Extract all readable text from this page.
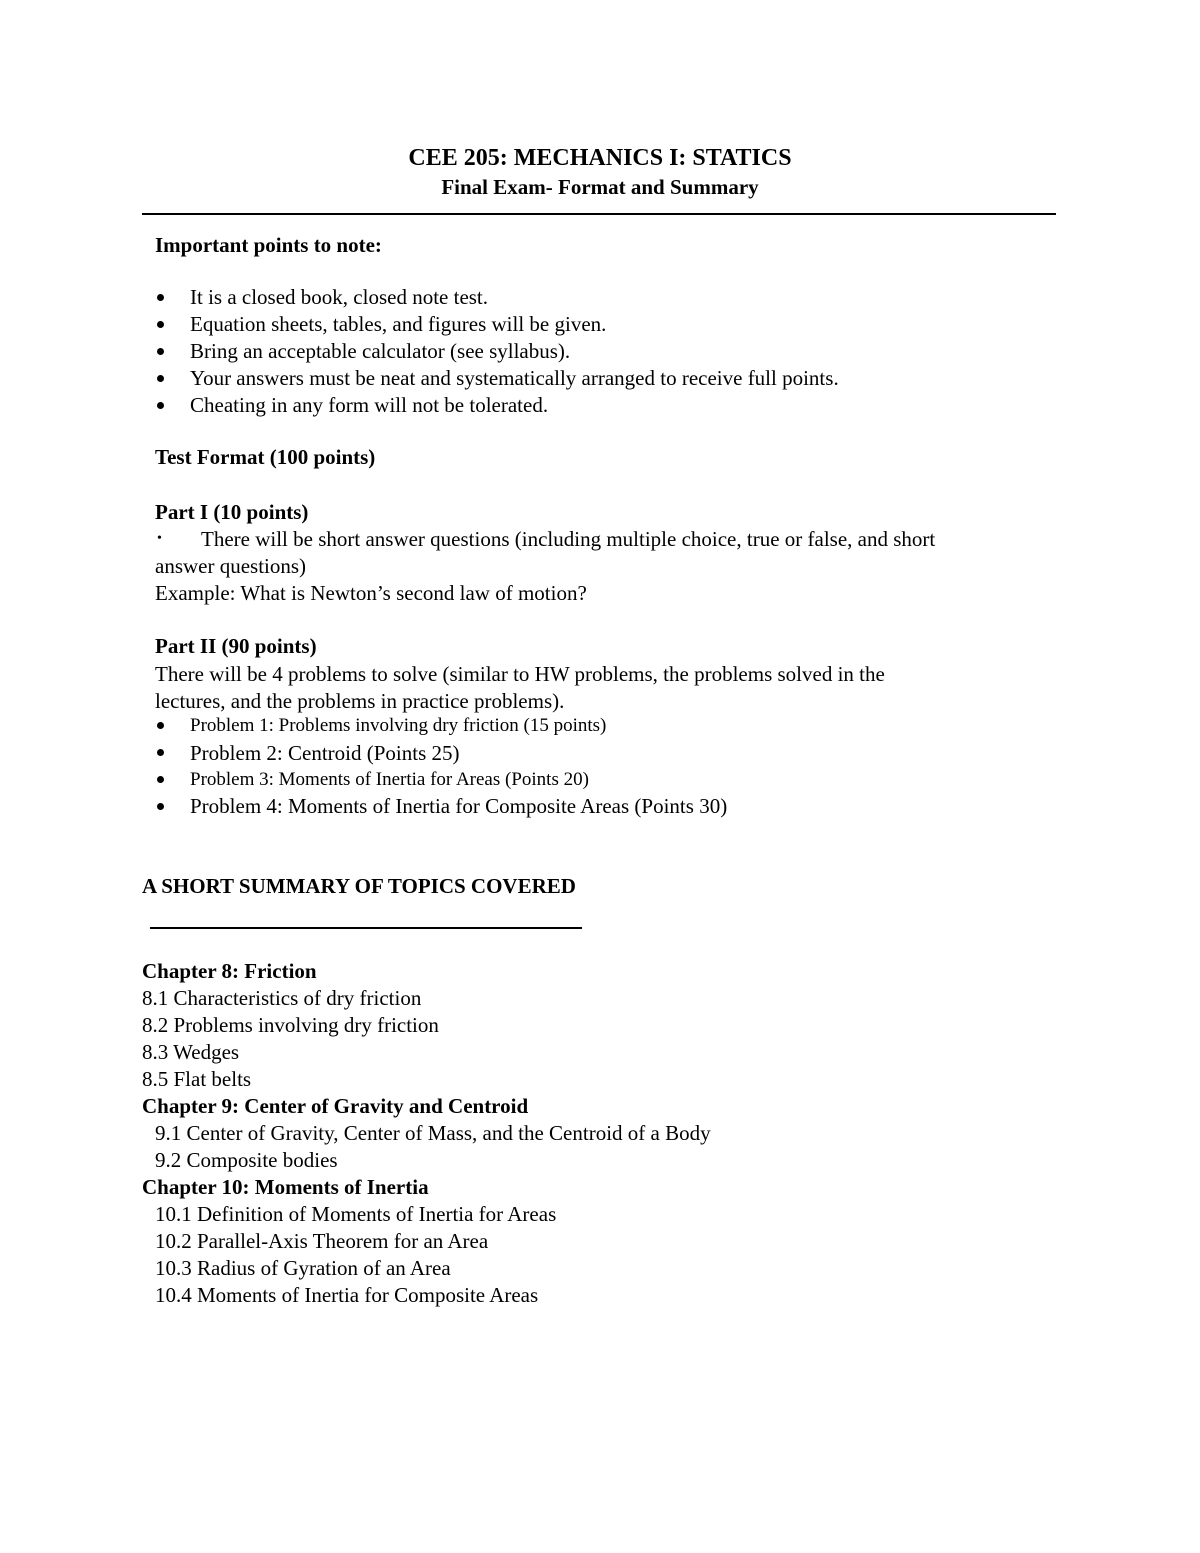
CEE 205: MECHANICS I: STATICS
Final Exam- Format and Summary
Important points to note:
It is a closed book, closed note test.
Equation sheets, tables, and figures will be given.
Bring an acceptable calculator (see syllabus).
Your answers must be neat and systematically arranged to receive full points.
Cheating in any form will not be tolerated.
Test Format (100 points)
Part I (10 points)
• There will be short answer questions (including multiple choice, true or false, and short
answer questions)
Example: What is Newton’s second law of motion?
Part II (90 points)
There will be 4 problems to solve (similar to HW problems, the problems solved in the
lectures, and the problems in practice problems).
Problem 1: Problems involving dry friction (15 points)
Problem 2: Centroid (Points 25)
Problem 3: Moments of Inertia for Areas (Points 20)
Problem 4: Moments of Inertia for Composite Areas (Points 30)
A SHORT SUMMARY OF TOPICS COVERED
Chapter 8: Friction
8.1 Characteristics of dry friction
8.2 Problems involving dry friction
8.3 Wedges
8.5 Flat belts
Chapter 9: Center of Gravity and Centroid
9.1 Center of Gravity, Center of Mass, and the Centroid of a Body
9.2 Composite bodies
Chapter 10: Moments of Inertia
10.1 Definition of Moments of Inertia for Areas
10.2 Parallel-Axis Theorem for an Area
10.3 Radius of Gyration of an Area
10.4 Moments of Inertia for Composite Areas
